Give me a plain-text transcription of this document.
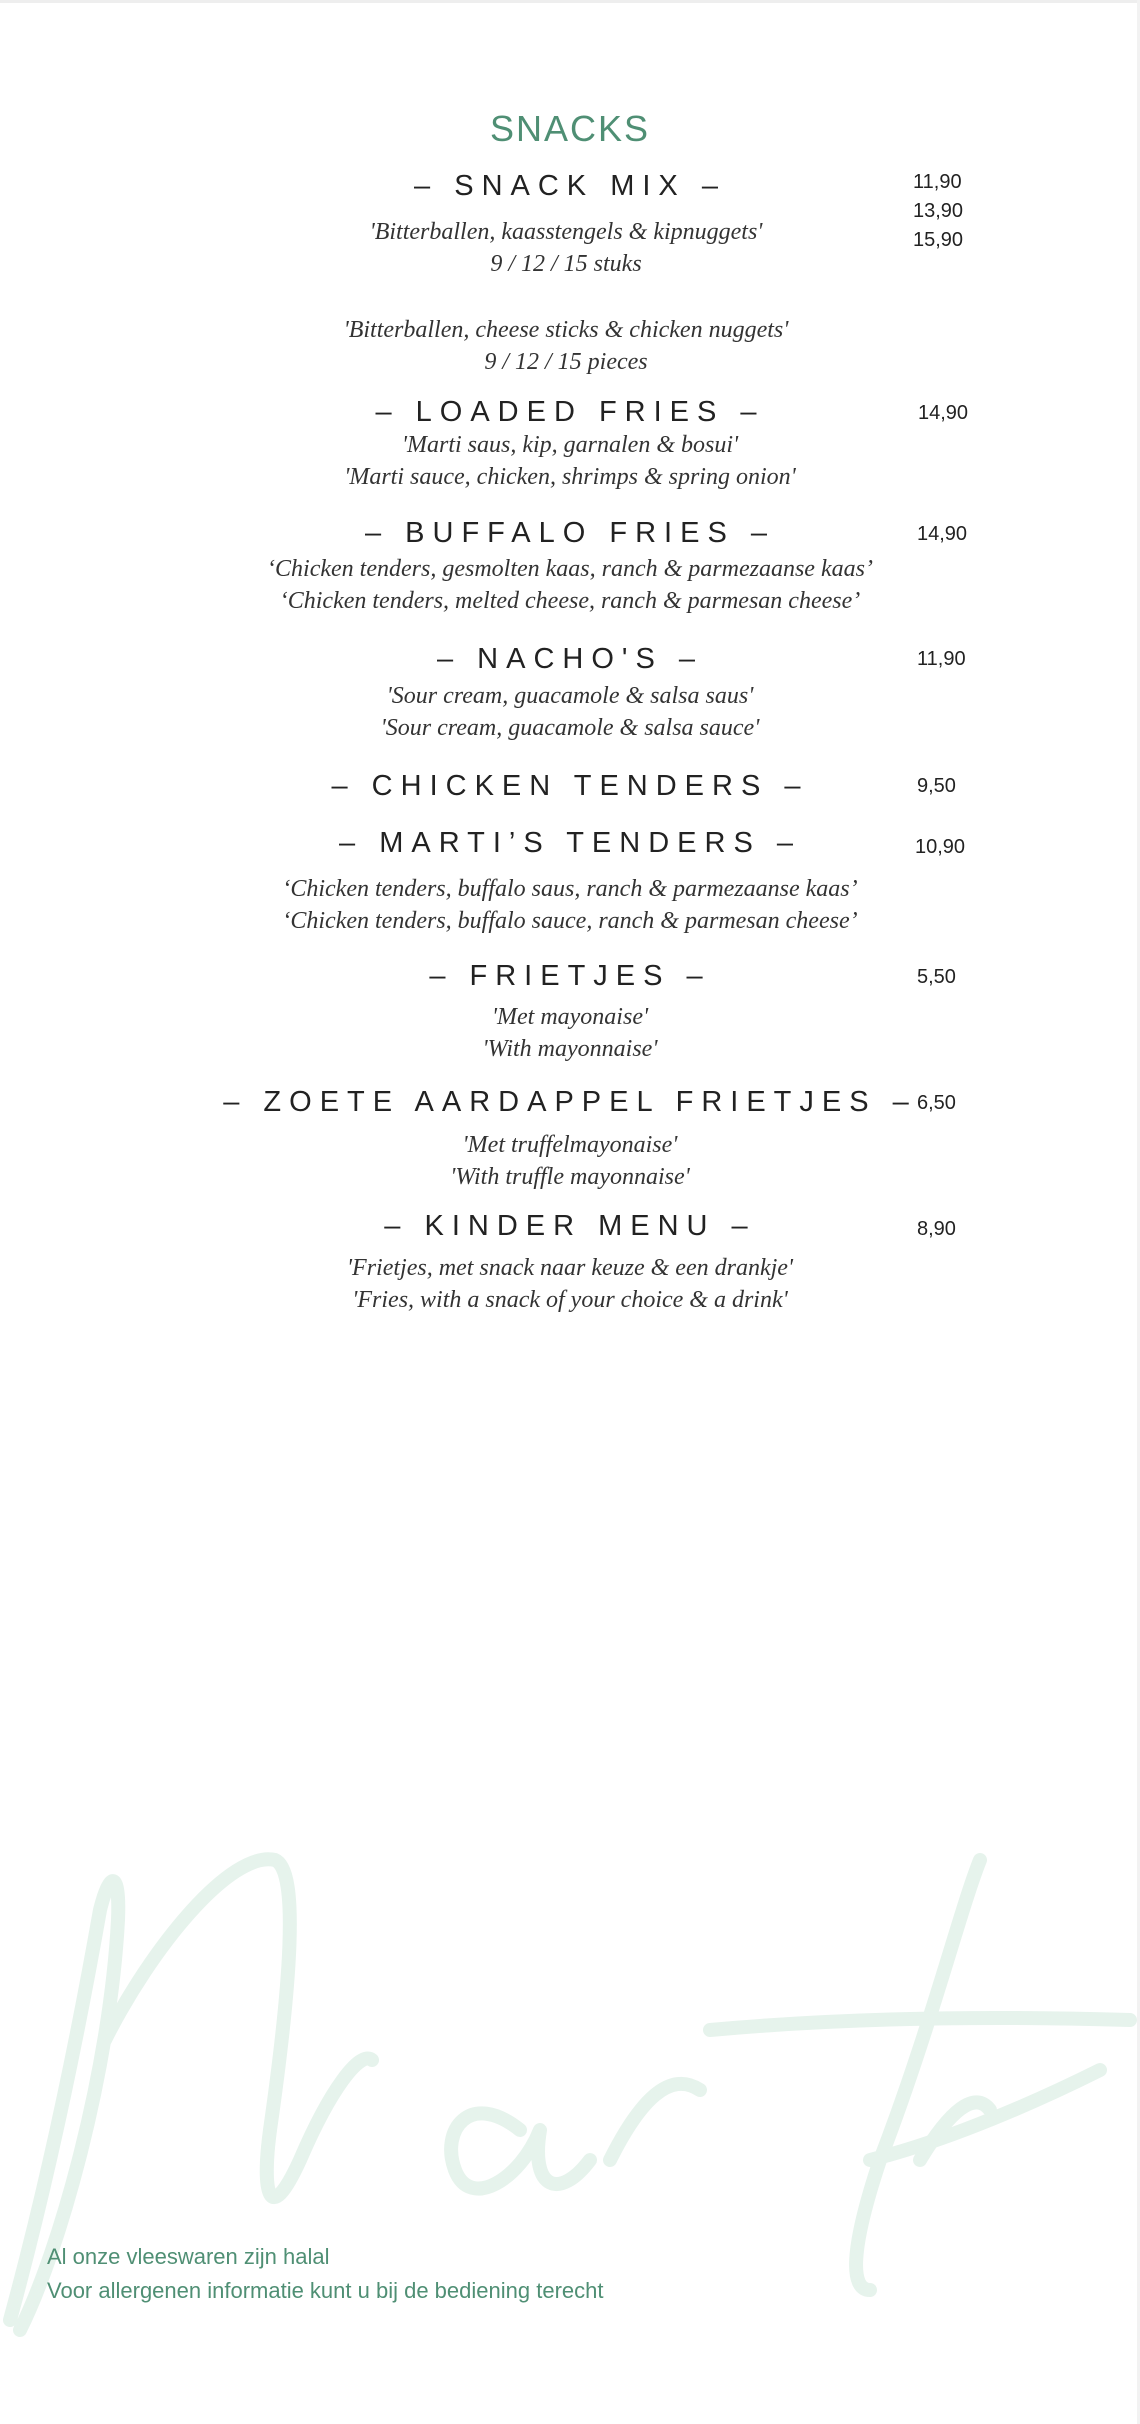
SNACKS
– SNACK MIX –	11,90
13,90
15,90
'Bitterballen, kaasstengels & kipnuggets'
9 / 12 / 15 stuks
'Bitterballen, cheese sticks & chicken nuggets'
9 / 12 / 15 pieces
– LOADED FRIES –	14,90
'Marti saus, kip, garnalen & bosui'
'Marti sauce, chicken, shrimps & spring onion'
– BUFFALO FRIES –	14,90
‘Chicken tenders, gesmolten kaas, ranch & parmezaanse kaas’
‘Chicken tenders, melted cheese, ranch & parmesan cheese’
– NACHO'S –	11,90
'Sour cream, guacamole & salsa saus'
'Sour cream, guacamole & salsa sauce'
– CHICKEN TENDERS –	9,50
– MARTI’S TENDERS –	10,90
‘Chicken tenders, buffalo saus, ranch & parmezaanse kaas’
‘Chicken tenders, buffalo sauce, ranch & parmesan cheese’
– FRIETJES –	5,50
'Met mayonaise'
'With mayonnaise'
– ZOETE AARDAPPEL FRIETJES – 6,50
'Met truffelmayonaise'
'With truffle mayonnaise'
– KINDER MENU –	8,90
'Frietjes, met snack naar keuze & een drankje'
'Fries, with a snack of your choice & a drink'
Al onze vleeswaren zijn halal
Voor allergenen informatie kunt u bij de bediening terecht
